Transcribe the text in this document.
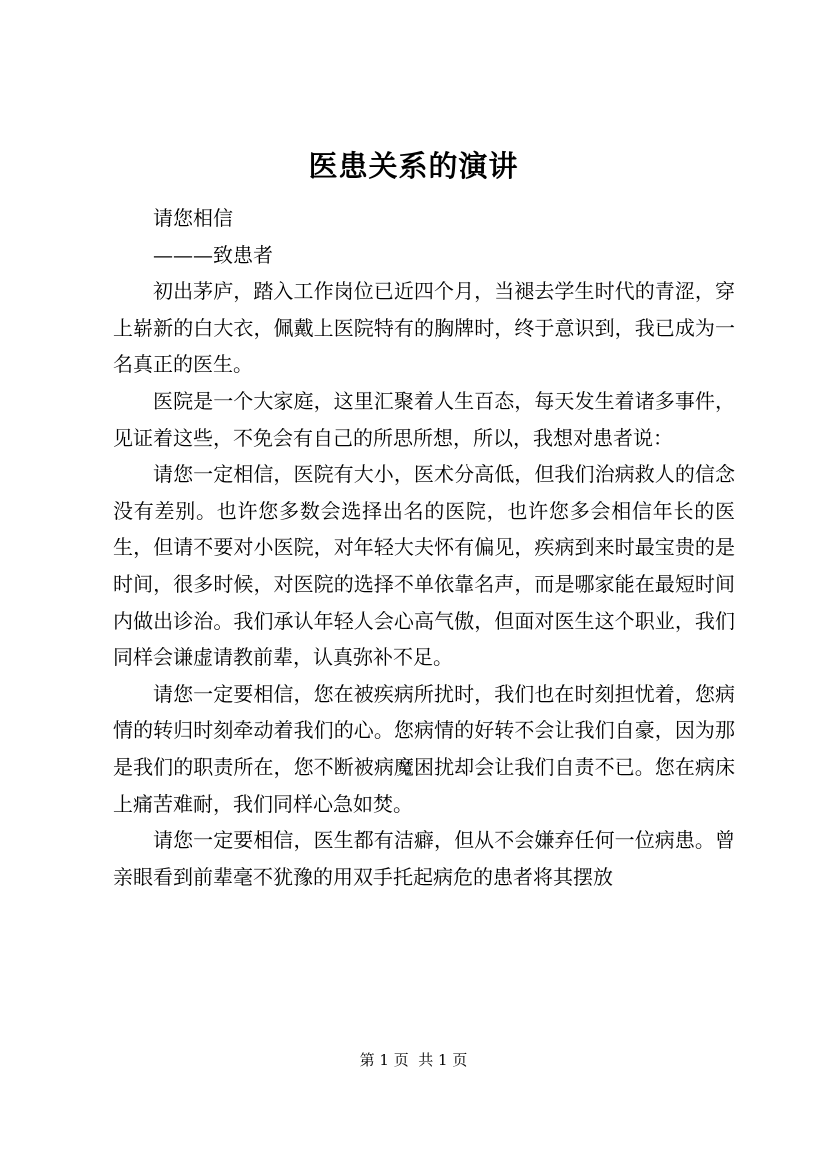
医患关系的演讲

请您相信

———致患者

初出茅庐，踏入工作岗位已近四个月，当褪去学生时代的青涩，穿上崭新的白大衣，佩戴上医院特有的胸牌时，终于意识到，我已成为一名真正的医生。

医院是一个大家庭，这里汇聚着人生百态，每天发生着诸多事件，见证着这些，不免会有自己的所思所想，所以，我想对患者说：

请您一定相信，医院有大小，医术分高低，但我们治病救人的信念没有差别。也许您多数会选择出名的医院，也许您多会相信年长的医生，但请不要对小医院，对年轻大夫怀有偏见，疾病到来时最宝贵的是时间，很多时候，对医院的选择不单依靠名声，而是哪家能在最短时间内做出诊治。我们承认年轻人会心高气傲，但面对医生这个职业，我们同样会谦虚请教前辈，认真弥补不足。

请您一定要相信，您在被疾病所扰时，我们也在时刻担忧着，您病情的转归时刻牵动着我们的心。您病情的好转不会让我们自豪，因为那是我们的职责所在，您不断被病魔困扰却会让我们自责不已。您在病床上痛苦难耐，我们同样心急如焚。

请您一定要相信，医生都有洁癖，但从不会嫌弃任何一位病患。曾亲眼看到前辈毫不犹豫的用双手托起病危的患者将其摆放

第 1 页  共 1 页
